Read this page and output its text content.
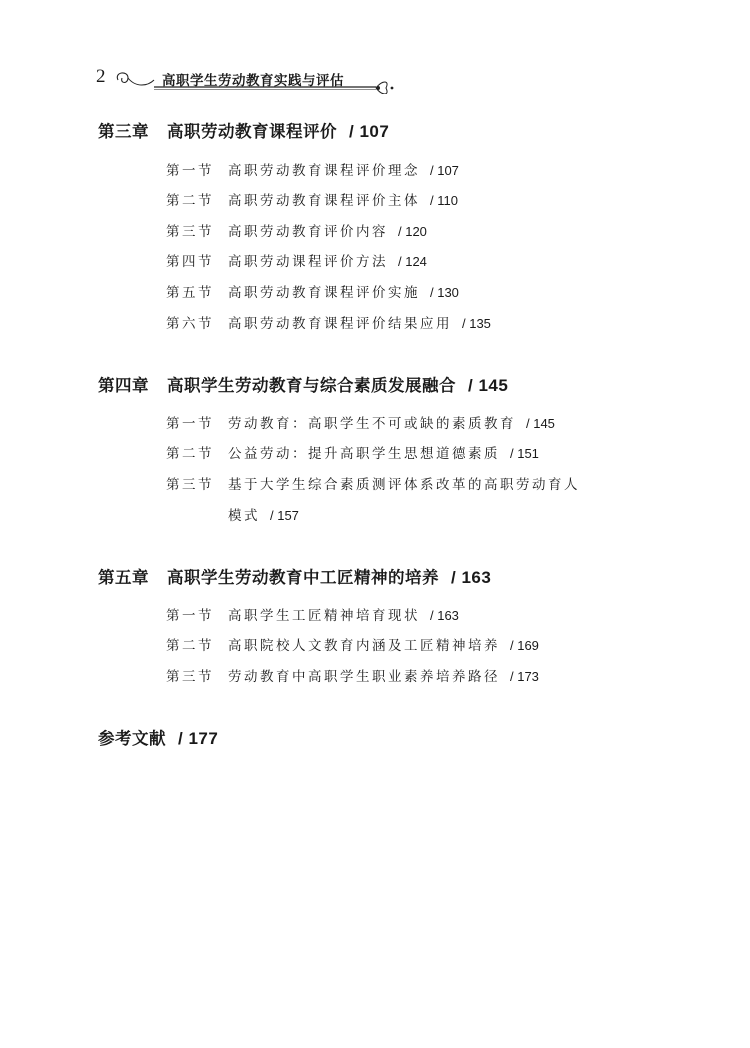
2	高职学生劳动教育实践与评估
第三章 高职劳动教育课程评价 / 107
第一节 高职劳动教育课程评价理念 / 107
第二节 高职劳动教育课程评价主体 / 110
第三节 高职劳动教育评价内容 / 120
第四节 高职劳动课程评价方法 / 124
第五节 高职劳动教育课程评价实施 / 130
第六节 高职劳动教育课程评价结果应用 / 135
第四章 高职学生劳动教育与综合素质发展融合 / 145
第一节 劳动教育：高职学生不可或缺的素质教育 / 145
第二节 公益劳动：提升高职学生思想道德素质 / 151
第三节 基于大学生综合素质测评体系改革的高职劳动育人
模式 / 157
第五章 高职学生劳动教育中工匠精神的培养 / 163
第一节 高职学生工匠精神培育现状 / 163
第二节 高职院校人文教育内涵及工匠精神培养 / 169
第三节 劳动教育中高职学生职业素养培养路径 / 173
参考文献 / 177
